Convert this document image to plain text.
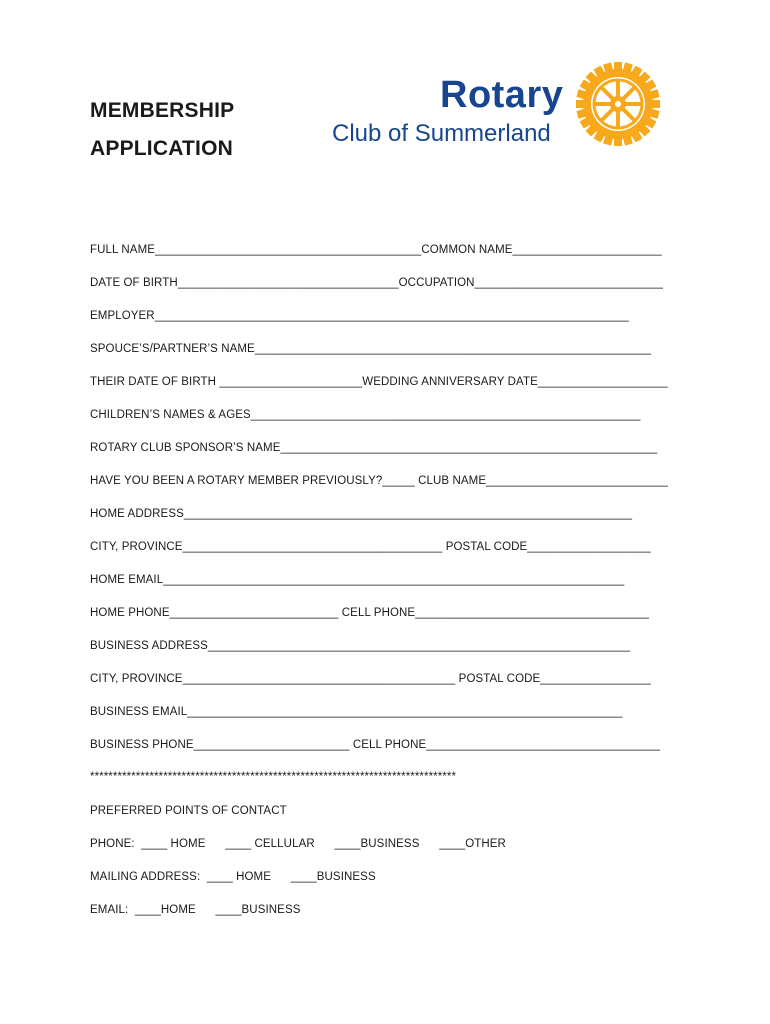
MEMBERSHIP
APPLICATION
Rotary
Club of Summerland
FULL NAME_________________________________________COMMON NAME_______________________
DATE OF BIRTH__________________________________OCCUPATION_____________________________
EMPLOYER_________________________________________________________________________
SPOUCE’S/PARTNER’S NAME_____________________________________________________________
THEIR DATE OF BIRTH ______________________WEDDING ANNIVERSARY DATE____________________
CHILDREN’S NAMES & AGES____________________________________________________________
ROTARY CLUB SPONSOR’S NAME__________________________________________________________
HAVE YOU BEEN A ROTARY MEMBER PREVIOUSLY?_____ CLUB NAME____________________________
HOME ADDRESS_____________________________________________________________________
CITY, PROVINCE________________________________________ POSTAL CODE___________________
HOME EMAIL_______________________________________________________________________
HOME PHONE__________________________ CELL PHONE____________________________________
BUSINESS ADDRESS_________________________________________________________________
CITY, PROVINCE__________________________________________ POSTAL CODE_________________
BUSINESS EMAIL___________________________________________________________________
BUSINESS PHONE________________________ CELL PHONE____________________________________
********************************************************************************
PREFERRED POINTS OF CONTACT
PHONE:  ____ HOME      ____ CELLULAR      ____BUSINESS      ____OTHER
MAILING ADDRESS:  ____ HOME      ____BUSINESS
EMAIL:  ____HOME      ____BUSINESS
